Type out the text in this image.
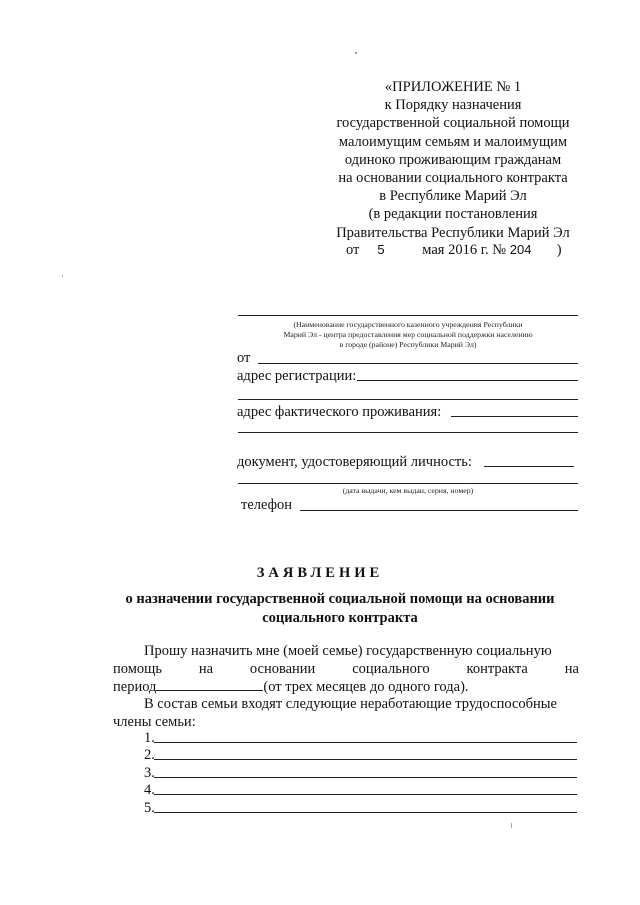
«ПРИЛОЖЕНИЕ № 1
к Порядку назначения
государственной социальной помощи
малоимущим семьям и малоимущим
одиноко проживающим гражданам
на основании социального контракта
в Республике Марий Эл
(в редакции постановления
Правительства Республики Марий Эл
от 5	мая 2016 г. № 204 )
(Наименование государственного казенного учреждения Республики
Марий Эл - центра предоставления мер социальной поддержки населению
в городе (районе) Республики Марий Эл)
от
адрес регистрации:
адрес фактического проживания:
документ, удостоверяющий личность:
(дата выдачи, кем выдан, серия, номер)
телефон
ЗАЯВЛЕНИЕ
о назначении государственной социальной помощи на основании
социального контракта
Прошу назначить мне (моей семье) государственную социальную
помощь	на	основании	социального	контракта	на
период	(от трех месяцев до одного года).
В состав семьи входят следующие неработающие трудоспособные
члены семьи:
1.
2.
3.
4.
5.
